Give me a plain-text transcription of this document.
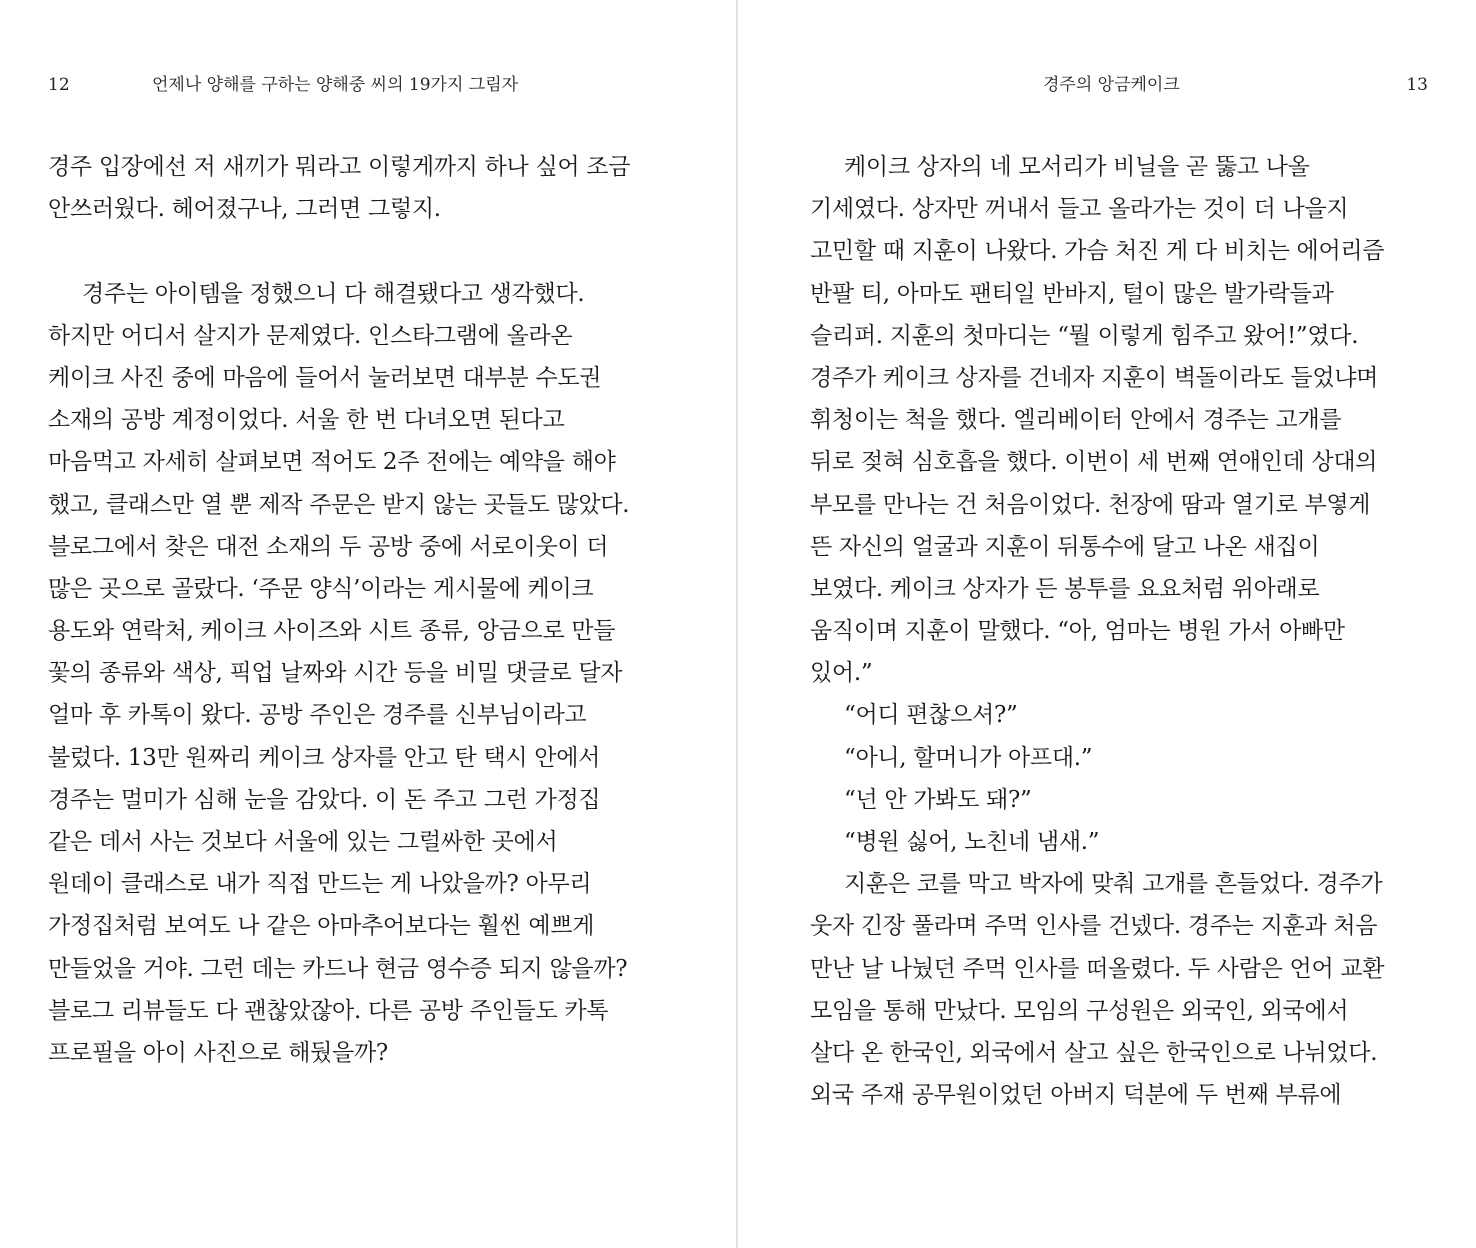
12	언제나 양해를 구하는 양해중 씨의 19가지 그림자
경주 입장에선 저 새끼가 뭐라고 이렇게까지 하나 싶어 조금
안쓰러웠다. 헤어졌구나, 그러면 그렇지.
경주는 아이템을 정했으니 다 해결됐다고 생각했다.
하지만 어디서 살지가 문제였다. 인스타그램에 올라온
케이크 사진 중에 마음에 들어서 눌러보면 대부분 수도권
소재의 공방 계정이었다. 서울 한 번 다녀오면 된다고
마음먹고 자세히 살펴보면 적어도 2주 전에는 예약을 해야
했고, 클래스만 열 뿐 제작 주문은 받지 않는 곳들도 많았다.
블로그에서 찾은 대전 소재의 두 공방 중에 서로이웃이 더
많은 곳으로 골랐다. ‘주문 양식’이라는 게시물에 케이크
용도와 연락처, 케이크 사이즈와 시트 종류, 앙금으로 만들
꽃의 종류와 색상, 픽업 날짜와 시간 등을 비밀 댓글로 달자
얼마 후 카톡이 왔다. 공방 주인은 경주를 신부님이라고
불렀다. 13만 원짜리 케이크 상자를 안고 탄 택시 안에서
경주는 멀미가 심해 눈을 감았다. 이 돈 주고 그런 가정집
같은 데서 사는 것보다 서울에 있는 그럴싸한 곳에서
원데이 클래스로 내가 직접 만드는 게 나았을까? 아무리
가정집처럼 보여도 나 같은 아마추어보다는 훨씬 예쁘게
만들었을 거야. 그런 데는 카드나 현금 영수증 되지 않을까?
블로그 리뷰들도 다 괜찮았잖아. 다른 공방 주인들도 카톡
프로필을 아이 사진으로 해뒀을까?
경주의 앙금케이크	13
케이크 상자의 네 모서리가 비닐을 곧 뚫고 나올
기세였다. 상자만 꺼내서 들고 올라가는 것이 더 나을지
고민할 때 지훈이 나왔다. 가슴 처진 게 다 비치는 에어리즘
반팔 티, 아마도 팬티일 반바지, 털이 많은 발가락들과
슬리퍼. 지훈의 첫마디는 “뭘 이렇게 힘주고 왔어!”였다.
경주가 케이크 상자를 건네자 지훈이 벽돌이라도 들었냐며
휘청이는 척을 했다. 엘리베이터 안에서 경주는 고개를
뒤로 젖혀 심호흡을 했다. 이번이 세 번째 연애인데 상대의
부모를 만나는 건 처음이었다. 천장에 땀과 열기로 부옇게
뜬 자신의 얼굴과 지훈이 뒤통수에 달고 나온 새집이
보였다. 케이크 상자가 든 봉투를 요요처럼 위아래로
움직이며 지훈이 말했다. “아, 엄마는 병원 가서 아빠만
있어.”
“어디 편찮으셔?”
“아니, 할머니가 아프대.”
“넌 안 가봐도 돼?”
“병원 싫어, 노친네 냄새.”
지훈은 코를 막고 박자에 맞춰 고개를 흔들었다. 경주가
웃자 긴장 풀라며 주먹 인사를 건넸다. 경주는 지훈과 처음
만난 날 나눴던 주먹 인사를 떠올렸다. 두 사람은 언어 교환
모임을 통해 만났다. 모임의 구성원은 외국인, 외국에서
살다 온 한국인, 외국에서 살고 싶은 한국인으로 나뉘었다.
외국 주재 공무원이었던 아버지 덕분에 두 번째 부류에
